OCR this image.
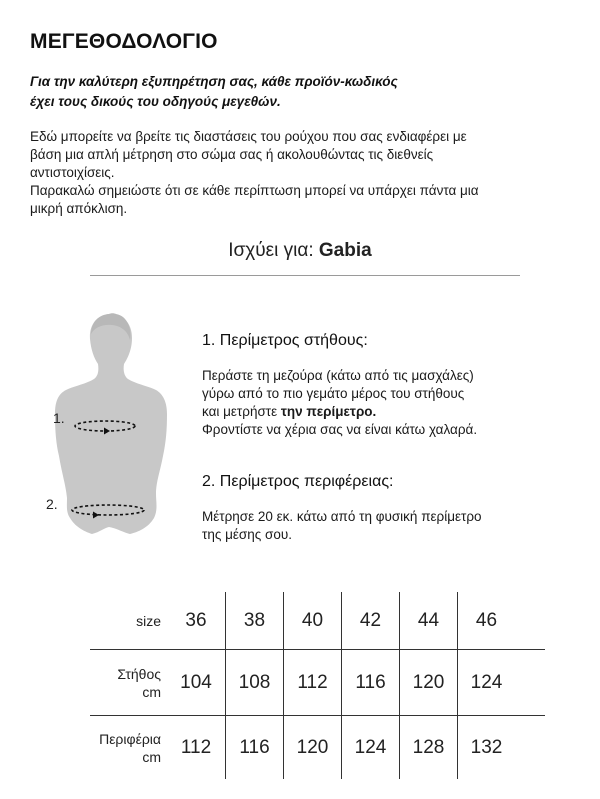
ΜΕΓΕΘΟΔΟΛΟΓΙΟ
Για την καλύτερη εξυπηρέτηση σας, κάθε προϊόν-κωδικός
έχει τους δικούς του οδηγούς μεγεθών.
Εδώ μπορείτε να βρείτε τις διαστάσεις του ρούχου που σας ενδιαφέρει με
βάση μια απλή μέτρηση στο σώμα σας ή ακολουθώντας τις διεθνείς
αντιστοιχίσεις.
Παρακαλώ σημειώστε ότι σε κάθε περίπτωση μπορεί να υπάρχει πάντα μια
μικρή απόκλιση.
Ισχύει για: Gabia
1.
2.
1. Περίμετρος στήθους:
Περάστε τη μεζούρα (κάτω από τις μασχάλες)
γύρω από το πιο γεμάτο μέρος του στήθους
και μετρήστε την περίμετρο.
Φροντίστε να χέρια σας να είναι κάτω χαλαρά.
2. Περίμετρος περιφέρειας:
Μέτρησε 20 εκ. κάτω από τη φυσική περίμετρο
της μέσης σου.
size	36	38	40	42	44	46
Στήθος
cm	104	108	112	116	120	124
Περιφέρια
cm	112	116	120	124	128	132
